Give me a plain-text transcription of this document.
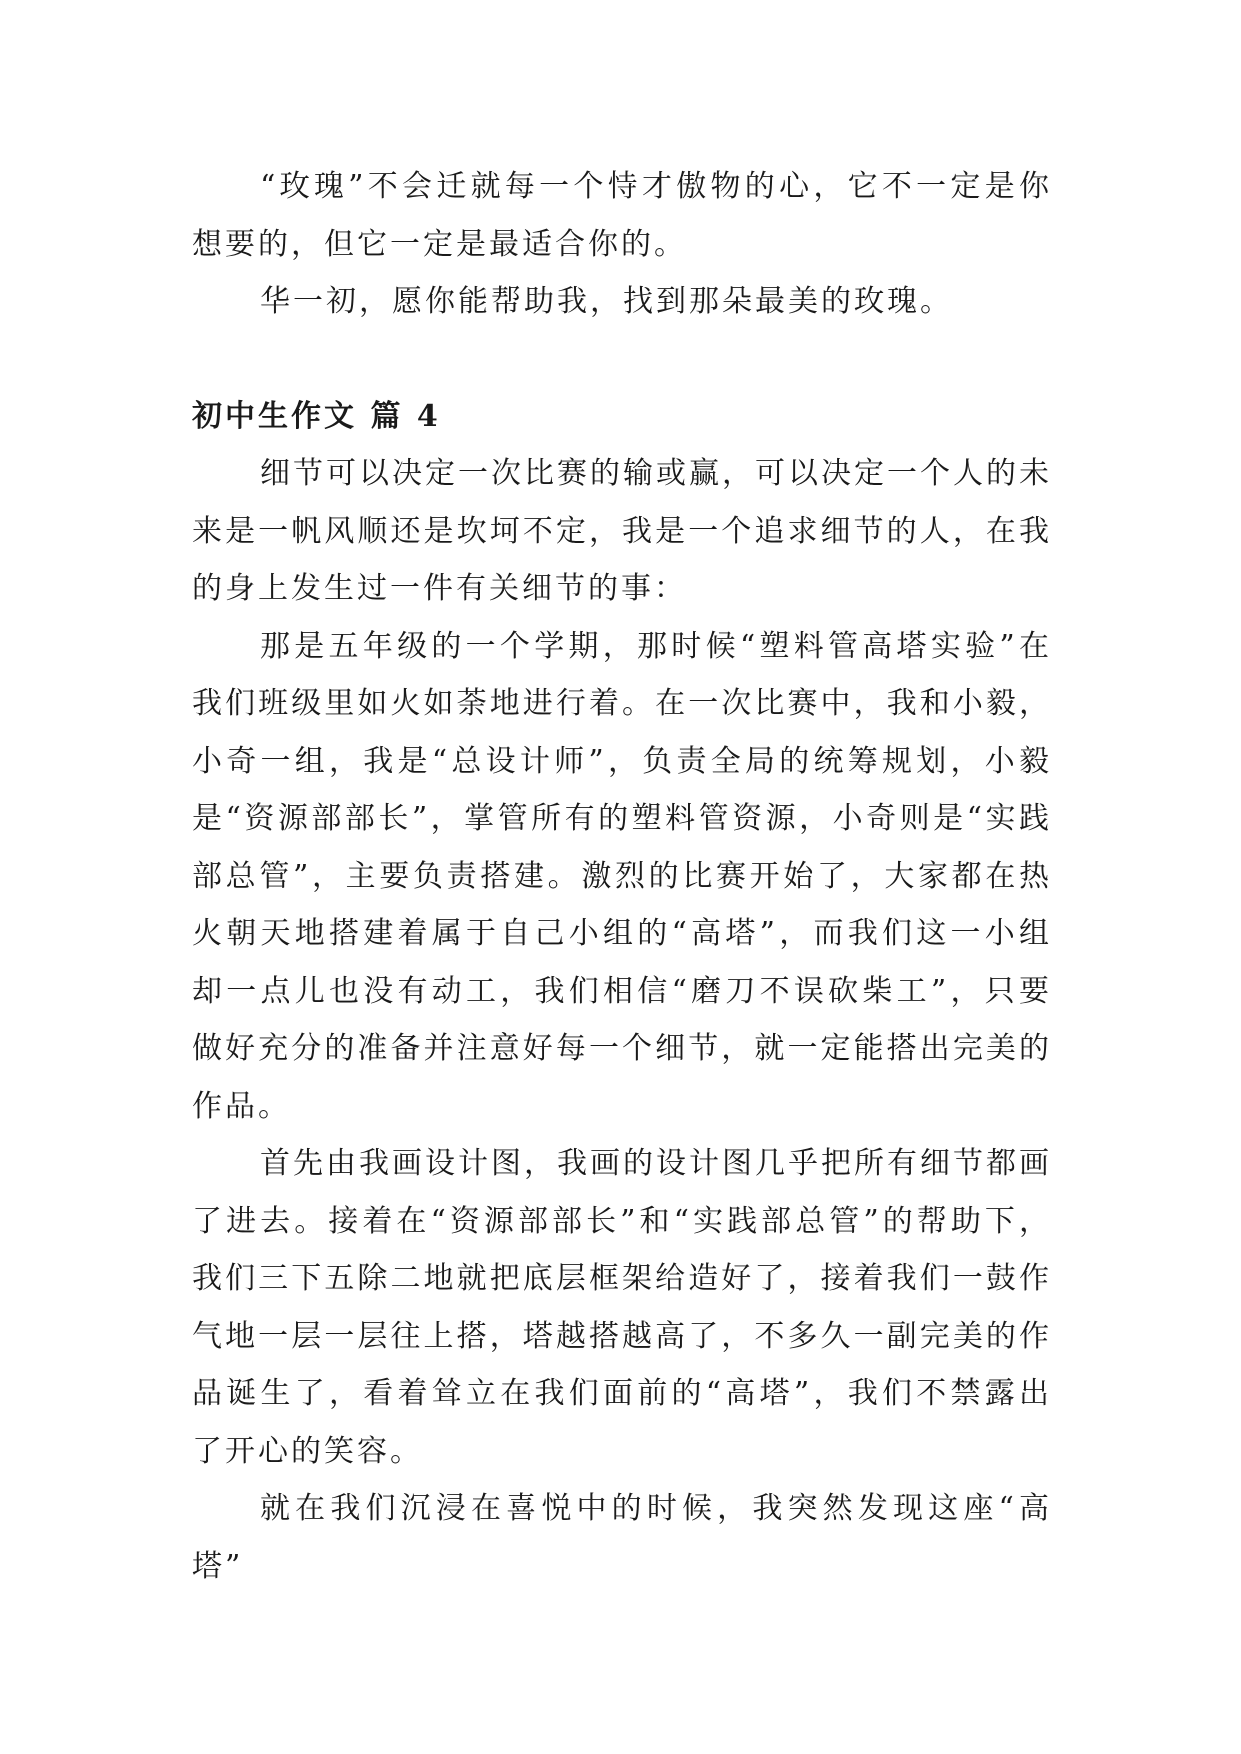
“玫瑰”不会迁就每一个恃才傲物的心，它不一定是你想要的，但它一定是最适合你的。

华一初，愿你能帮助我，找到那朵最美的玫瑰。

初中生作文 篇 4

细节可以决定一次比赛的输或赢，可以决定一个人的未来是一帆风顺还是坎坷不定，我是一个追求细节的人，在我的身上发生过一件有关细节的事：

那是五年级的一个学期，那时候“塑料管高塔实验”在我们班级里如火如荼地进行着。在一次比赛中，我和小毅，小奇一组，我是“总设计师”，负责全局的统筹规划，小毅是“资源部部长”，掌管所有的塑料管资源，小奇则是“实践部总管”，主要负责搭建。激烈的比赛开始了，大家都在热火朝天地搭建着属于自己小组的“高塔”，而我们这一小组却一点儿也没有动工，我们相信“磨刀不误砍柴工”，只要做好充分的准备并注意好每一个细节，就一定能搭出完美的作品。

首先由我画设计图，我画的设计图几乎把所有细节都画了进去。接着在“资源部部长”和“实践部总管”的帮助下，我们三下五除二地就把底层框架给造好了，接着我们一鼓作气地一层一层往上搭，塔越搭越高了，不多久一副完美的作品诞生了，看着耸立在我们面前的“高塔”，我们不禁露出了开心的笑容。

就在我们沉浸在喜悦中的时候，我突然发现这座“高塔”
